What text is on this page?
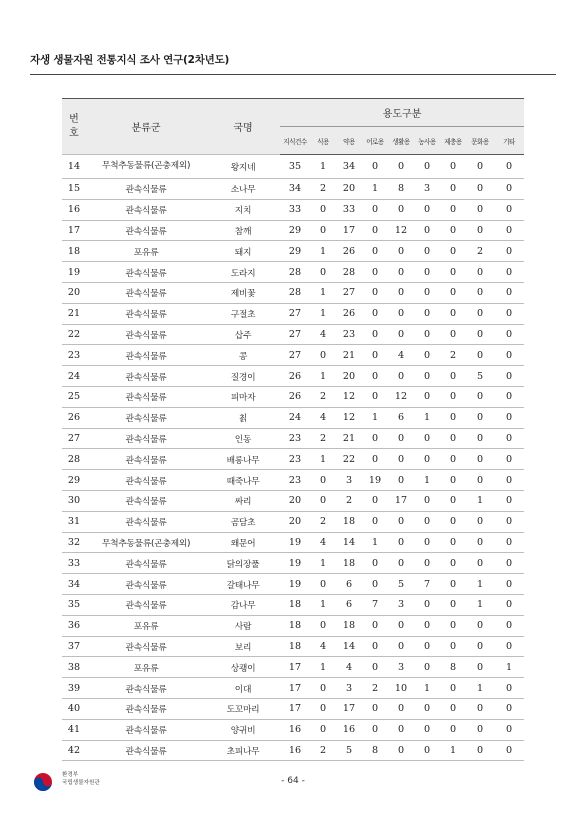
자생 생물자원 전통지식 조사 연구(2차년도)
번호	분류군	국명	용도구분								
			지식건수	식용	약용	어로용	생활용	농사용	제충용	문화용	기타
14	무척추동물류(곤충제외)	왕지네	35	1	34	0	0	0	0	0	0
15	관속식물류	소나무	34	2	20	1	8	3	0	0	0
16	관속식물류	지치	33	0	33	0	0	0	0	0	0
17	관속식물류	참깨	29	0	17	0	12	0	0	0	0
18	포유류	돼지	29	1	26	0	0	0	0	2	0
19	관속식물류	도라지	28	0	28	0	0	0	0	0	0
20	관속식물류	제비꽃	28	1	27	0	0	0	0	0	0
21	관속식물류	구절초	27	1	26	0	0	0	0	0	0
22	관속식물류	삽주	27	4	23	0	0	0	0	0	0
23	관속식물류	콩	27	0	21	0	4	0	2	0	0
24	관속식물류	질경이	26	1	20	0	0	0	0	5	0
25	관속식물류	피마자	26	2	12	0	12	0	0	0	0
26	관속식물류	칡	24	4	12	1	6	1	0	0	0
27	관속식물류	인동	23	2	21	0	0	0	0	0	0
28	관속식물류	배롱나무	23	1	22	0	0	0	0	0	0
29	관속식물류	때죽나무	23	0	3	19	0	1	0	0	0
30	관속식물류	싸리	20	0	2	0	17	0	0	1	0
31	관속식물류	곰담초	20	2	18	0	0	0	0	0	0
32	무척추동물류(곤충제외)	왜문어	19	4	14	1	0	0	0	0	0
33	관속식물류	닭의장풀	19	1	18	0	0	0	0	0	0
34	관속식물류	갈태나무	19	0	6	0	5	7	0	1	0
35	관속식물류	감나무	18	1	6	7	3	0	0	1	0
36	포유류	사람	18	0	18	0	0	0	0	0	0
37	관속식물류	보리	18	4	14	0	0	0	0	0	0
38	포유류	상괭이	17	1	4	0	3	0	8	0	1
39	관속식물류	이대	17	0	3	2	10	1	0	1	0
40	관속식물류	도꼬마리	17	0	17	0	0	0	0	0	0
41	관속식물류	양귀비	16	0	16	0	0	0	0	0	0
42	관속식물류	초피나무	16	2	5	8	0	0	1	0	0
환경부
국립생물자원관	- 64 -
